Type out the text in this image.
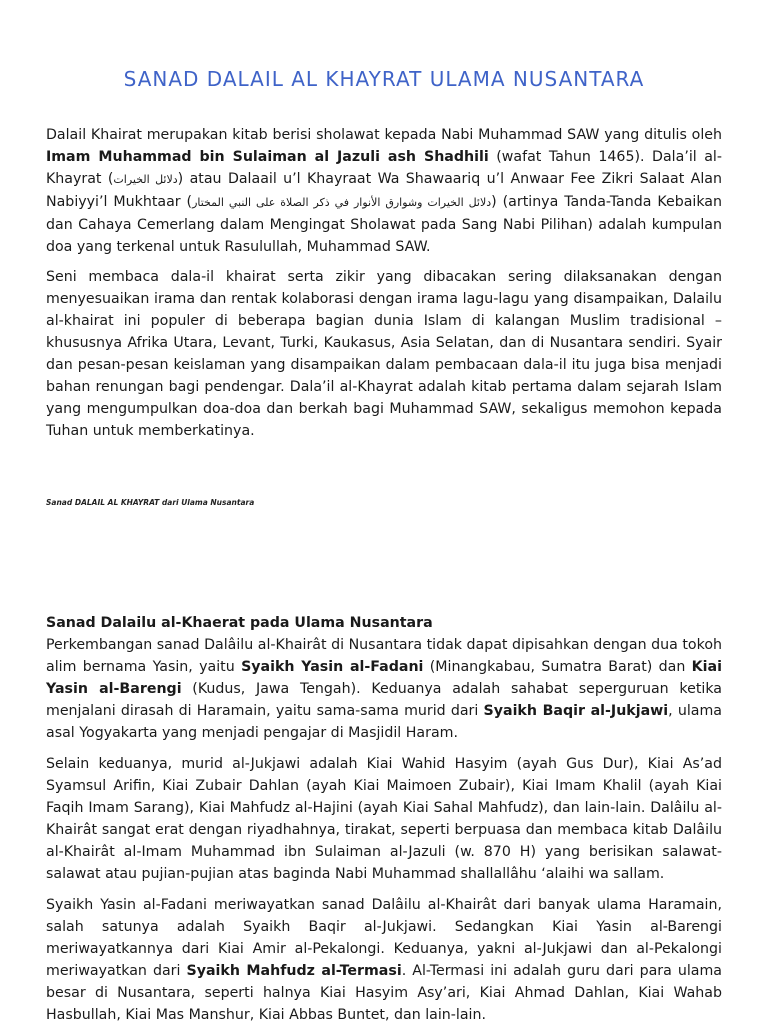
SANAD DALAIL AL KHAYRAT ULAMA NUSANTARA

Dalail Khairat merupakan kitab berisi sholawat kepada Nabi Muhammad SAW yang ditulis oleh Imam Muhammad bin Sulaiman al Jazuli ash Shadhili (wafat Tahun 1465). Dala’il al-Khayrat (دلائل الخيرات) atau Dalaail u’l Khayraat Wa Shawaariq u’l Anwaar Fee Zikri Salaat Alan Nabiyyi’l Mukhtaar (دلائل الخيرات وشوارق الأنوار في ذكر الصلاة على النبي المختار) (artinya Tanda-Tanda Kebaikan dan Cahaya Cemerlang dalam Mengingat Sholawat pada Sang Nabi Pilihan) adalah kumpulan doa yang terkenal untuk Rasulullah, Muhammad SAW.

Seni membaca dala-il khairat serta zikir yang dibacakan sering dilaksanakan dengan menyesuaikan irama dan rentak kolaborasi dengan irama lagu-lagu yang disampaikan, Dalailu al-khairat ini populer di beberapa bagian dunia Islam di kalangan Muslim tradisional – khususnya Afrika Utara, Levant, Turki, Kaukasus, Asia Selatan, dan di Nusantara sendiri. Syair dan pesan-pesan keislaman yang disampaikan dalam pembacaan dala-il itu juga bisa menjadi bahan renungan bagi pendengar. Dala’il al-Khayrat adalah kitab pertama dalam sejarah Islam yang mengumpulkan doa-doa dan berkah bagi Muhammad SAW, sekaligus memohon kepada Tuhan untuk memberkatinya.

Sanad DALAIL AL KHAYRAT dari Ulama Nusantara
Sanad Dalailu al-Khaerat pada Ulama Nusantara

Perkembangan sanad Dalâilu al-Khairât di Nusantara tidak dapat dipisahkan dengan dua tokoh alim bernama Yasin, yaitu Syaikh Yasin al-Fadani (Minangkabau, Sumatra Barat) dan Kiai Yasin al-Barengi (Kudus, Jawa Tengah). Keduanya adalah sahabat seperguruan ketika menjalani dirasah di Haramain, yaitu sama-sama murid dari Syaikh Baqir al-Jukjawi, ulama asal Yogyakarta yang menjadi pengajar di Masjidil Haram.

Selain keduanya, murid al-Jukjawi adalah Kiai Wahid Hasyim (ayah Gus Dur), Kiai As’ad Syamsul Arifin, Kiai Zubair Dahlan (ayah Kiai Maimoen Zubair), Kiai Imam Khalil (ayah Kiai Faqih Imam Sarang), Kiai Mahfudz al-Hajini (ayah Kiai Sahal Mahfudz), dan lain-lain. Dalâilu al-Khairât sangat erat dengan riyadhahnya, tirakat, seperti berpuasa dan membaca kitab Dalâilu al-Khairât al-Imam Muhammad ibn Sulaiman al-Jazuli (w. 870 H) yang berisikan salawat-salawat atau pujian-pujian atas baginda Nabi Muhammad shallallâhu ‘alaihi wa sallam.

Syaikh Yasin al-Fadani meriwayatkan sanad Dalâilu al-Khairât dari banyak ulama Haramain, salah satunya adalah Syaikh Baqir al-Jukjawi. Sedangkan Kiai Yasin al-Barengi meriwayatkannya dari Kiai Amir al-Pekalongi. Keduanya, yakni al-Jukjawi dan al-Pekalongi meriwayatkan dari Syaikh Mahfudz al-Termasi. Al-Termasi ini adalah guru dari para ulama besar di Nusantara, seperti halnya Kiai Hasyim Asy’ari, Kiai Ahmad Dahlan, Kiai Wahab Hasbullah, Kiai Mas Manshur, Kiai Abbas Buntet, dan lain-lain.
